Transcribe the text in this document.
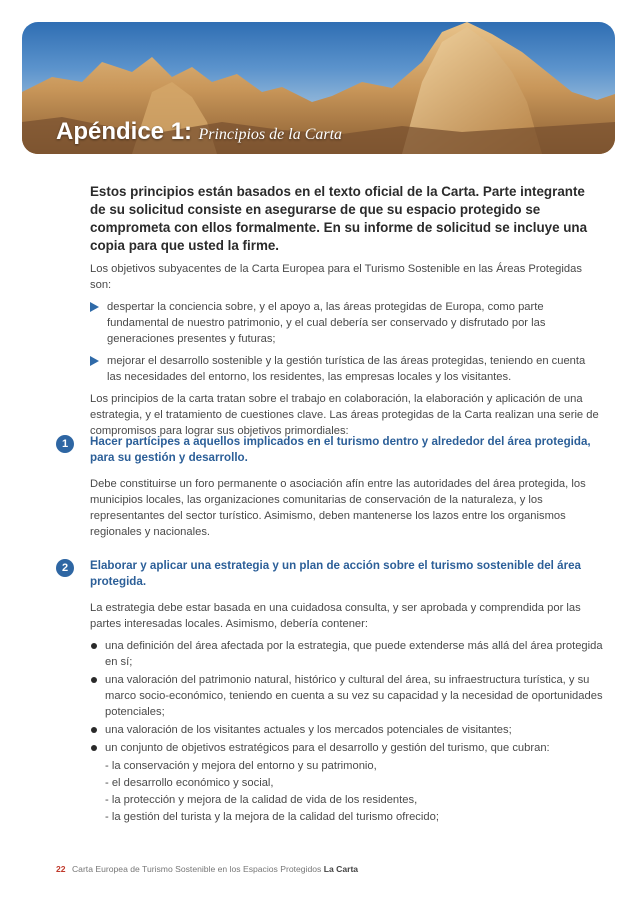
Apéndice 1: Principios de la Carta
Estos principios están basados en el texto oficial de la Carta. Parte integrante de su solicitud consiste en asegurarse de que su espacio protegido se comprometa con ellos formalmente. En su informe de solicitud se incluye una copia para que usted la firme.

Los objetivos subyacentes de la Carta Europea para el Turismo Sostenible en las Áreas Protegidas son:

despertar la conciencia sobre, y el apoyo a, las áreas protegidas de Europa, como parte fundamental de nuestro patrimonio, y el cual debería ser conservado y disfrutado por las generaciones presentes y futuras;
mejorar el desarrollo sostenible y la gestión turística de las áreas protegidas, teniendo en cuenta las necesidades del entorno, los residentes, las empresas locales y los visitantes.

Los principios de la carta tratan sobre el trabajo en colaboración, la elaboración y aplicación de una estrategia, y el tratamiento de cuestiones clave. Las áreas protegidas de la Carta realizan una serie de compromisos para lograr sus objetivos primordiales:

1	Hacer partícipes a aquellos implicados en el turismo dentro y alrededor del área protegida, para su gestión y desarrollo.

Debe constituirse un foro permanente o asociación afín entre las autoridades del área protegida, los municipios locales, las organizaciones comunitarias de conservación de la naturaleza, y los representantes del sector turístico. Asimismo, deben mantenerse los lazos entre los organismos regionales y nacionales.

2	Elaborar y aplicar una estrategia y un plan de acción sobre el turismo sostenible del área protegida.

La estrategia debe estar basada en una cuidadosa consulta, y ser aprobada y comprendida por las partes interesadas locales. Asimismo, debería contener:

una definición del área afectada por la estrategia, que puede extenderse más allá del área protegida en sí;
una valoración del patrimonio natural, histórico y cultural del área, su infraestructura turística, y su marco socio-económico, teniendo en cuenta a su vez su capacidad y la necesidad de oportunidades potenciales;
una valoración de los visitantes actuales y los mercados potenciales de visitantes;
un conjunto de objetivos estratégicos para el desarrollo y gestión del turismo, que cubran:
- la conservación y mejora del entorno y su patrimonio,
- el desarrollo económico y social,
- la protección y mejora de la calidad de vida de los residentes,
- la gestión del turista y la mejora de la calidad del turismo ofrecido;
22 Carta Europea de Turismo Sostenible en los Espacios Protegidos La Carta
